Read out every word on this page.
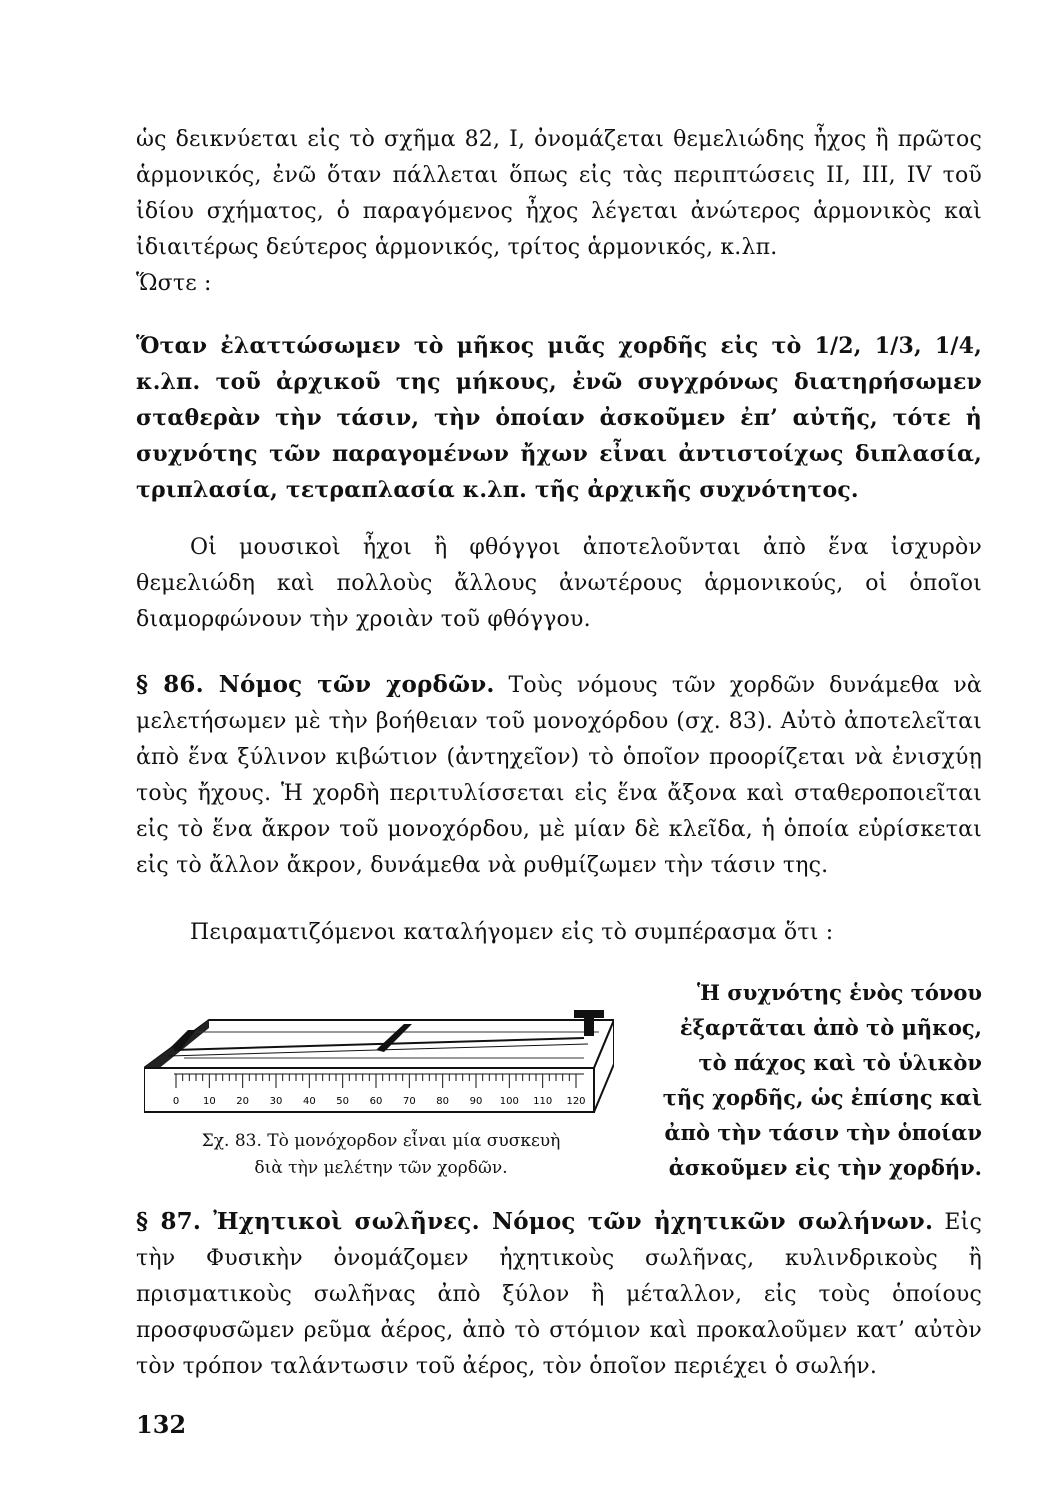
ὡς δεικνύεται εἰς τὸ σχῆμα 82, I, ὀνομάζεται θεμελιώδης ἦχος ἢ πρῶτος ἁρμονικός, ἐνῶ ὅταν πάλλεται ὅπως εἰς τὰς περιπτώσεις II, III, IV τοῦ ἰδίου σχήματος, ὁ παραγόμενος ἦχος λέγεται ἀνώτερος ἁρμονικὸς καὶ ἰδιαιτέρως δεύτερος ἁρμονικός, τρίτος ἁρμονικός, κ.λπ.
Ὥστε :

Ὅταν ἐλαττώσωμεν τὸ μῆκος μιᾶς χορδῆς εἰς τὸ 1/2, 1/3, 1/4, κ.λπ. τοῦ ἀρχικοῦ της μήκους, ἐνῶ συγχρόνως διατηρήσωμεν σταθερὰν τὴν τάσιν, τὴν ὁποίαν ἀσκοῦμεν ἐπ’ αὐτῆς, τότε ἡ συχνότης τῶν παραγομένων ἤχων εἶναι ἀντιστοίχως διπλασία, τριπλασία, τετραπλασία κ.λπ. τῆς ἀρχικῆς συχνότητος.

Οἱ μουσικοὶ ἦχοι ἢ φθόγγοι ἀποτελοῦνται ἀπὸ ἕνα ἰσχυρὸν θεμελιώδη καὶ πολλοὺς ἄλλους ἀνωτέρους ἁρμονικούς, οἱ ὁποῖοι διαμορφώνουν τὴν χροιὰν τοῦ φθόγγου.

§ 86. Νόμος τῶν χορδῶν. Τοὺς νόμους τῶν χορδῶν δυνάμεθα νὰ μελετήσωμεν μὲ τὴν βοήθειαν τοῦ μονοχόρδου (σχ. 83). Αὐτὸ ἀποτελεῖται ἀπὸ ἕνα ξύλινον κιβώτιον (ἀντηχεῖον) τὸ ὁποῖον προορίζεται νὰ ἐνισχύῃ τοὺς ἤχους. Ἡ χορδὴ περιτυλίσσεται εἰς ἕνα ἄξονα καὶ σταθεροποιεῖται εἰς τὸ ἕνα ἄκρον τοῦ μονοχόρδου, μὲ μίαν δὲ κλεῖδα, ἡ ὁποία εὑρίσκεται εἰς τὸ ἄλλον ἄκρον, δυνάμεθα νὰ ρυθμίζωμεν τὴν τάσιν της.

Πειραματιζόμενοι καταλήγομεν εἰς τὸ συμπέρασμα ὅτι :

Ἡ συχνότης ἑνὸς τόνου
ἐξαρτᾶται ἀπὸ τὸ μῆκος,
τὸ πάχος καὶ τὸ ὑλικὸν
τῆς χορδῆς, ὡς ἐπίσης καὶ
ἀπὸ τὴν τάσιν τὴν ὁποίαν
ἀσκοῦμεν εἰς τὴν χορδήν.
0 10 20 30 40 50 60 70 80 90 100 110 120
Σχ. 83. Τὸ μονόχορδον εἶναι μία συσκευὴ
διὰ τὴν μελέτην τῶν χορδῶν.

§ 87. Ἠχητικοὶ σωλῆνες. Νόμος τῶν ἠχητικῶν σωλήνων. Εἰς τὴν Φυσικὴν ὀνομάζομεν ἠχητικοὺς σωλῆνας, κυλινδρικοὺς ἢ πρισματικοὺς σωλῆνας ἀπὸ ξύλον ἢ μέταλλον, εἰς τοὺς ὁποίους προσφυσῶμεν ρεῦμα ἀέρος, ἀπὸ τὸ στόμιον καὶ προκαλοῦμεν κατ’ αὐτὸν τὸν τρόπον ταλάντωσιν τοῦ ἀέρος, τὸν ὁποῖον περιέχει ὁ σωλήν.

132
